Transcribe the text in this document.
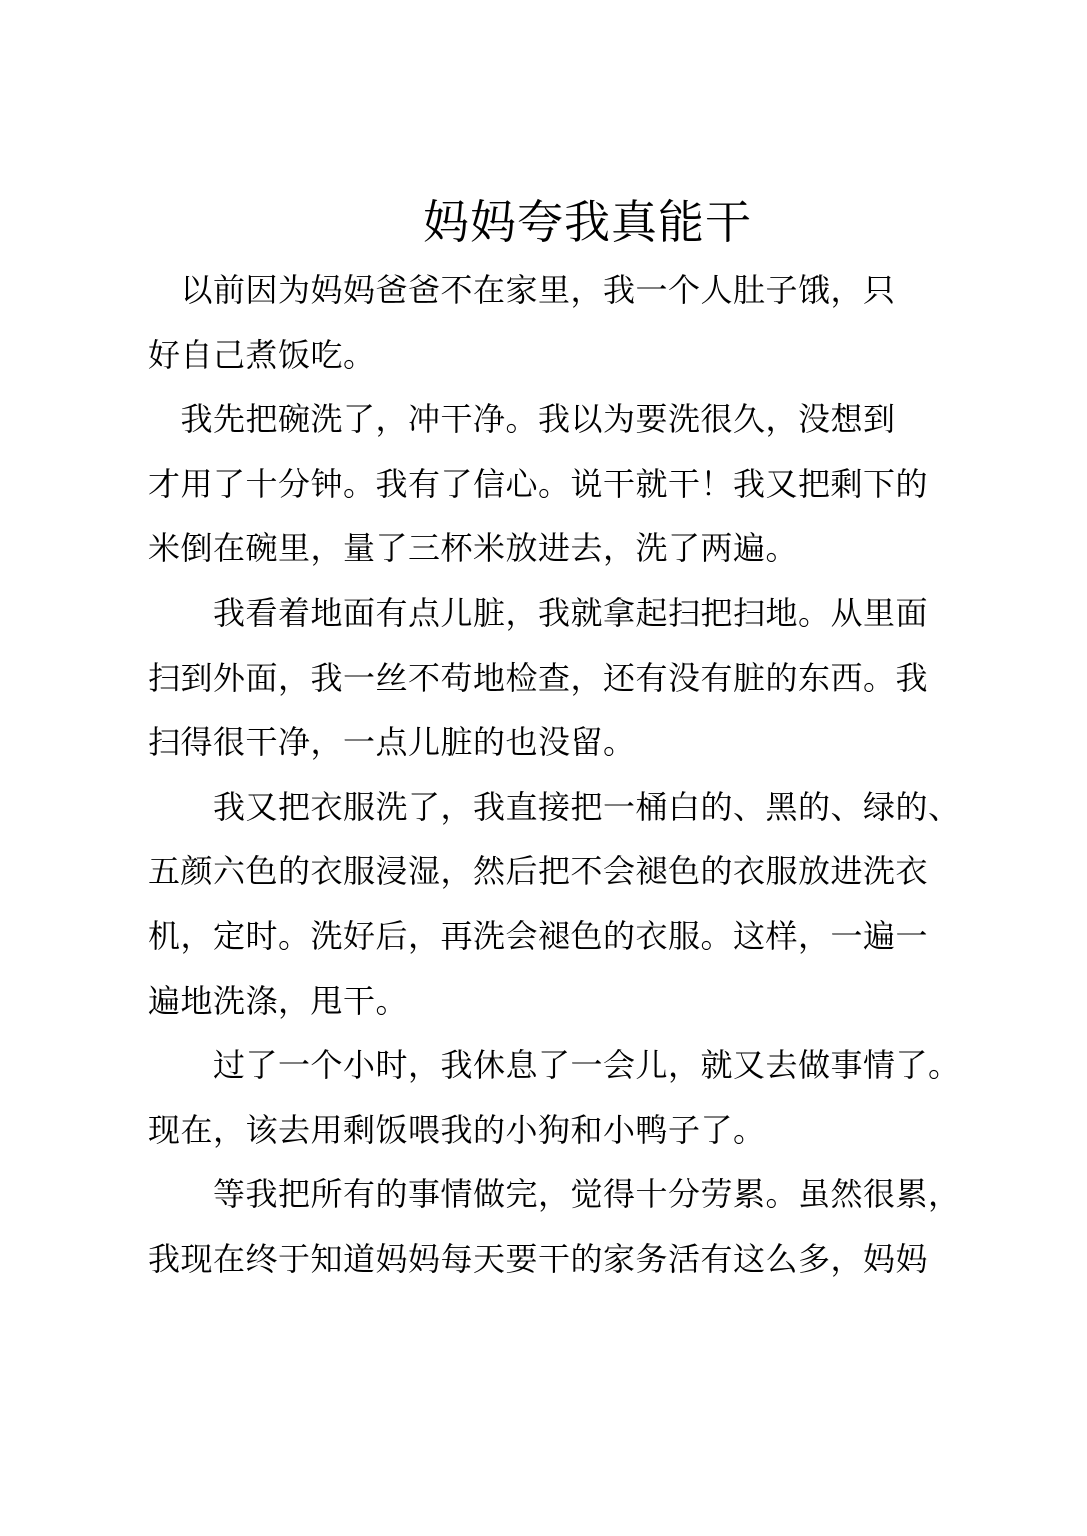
妈妈夸我真能干
　以前因为妈妈爸爸不在家里，我一个人肚子饿，只
好自己煮饭吃。
　我先把碗洗了，冲干净。我以为要洗很久，没想到
才用了十分钟。我有了信心。说干就干！我又把剩下的
米倒在碗里，量了三杯米放进去，洗了两遍。
　　我看着地面有点儿脏，我就拿起扫把扫地。从里面
扫到外面，我一丝不苟地检查，还有没有脏的东西。我
扫得很干净，一点儿脏的也没留。
　　我又把衣服洗了，我直接把一桶白的、黑的、绿的、
五颜六色的衣服浸湿，然后把不会褪色的衣服放进洗衣
机，定时。洗好后，再洗会褪色的衣服。这样，一遍一
遍地洗涤，甩干。
　　过了一个小时，我休息了一会儿，就又去做事情了。
现在，该去用剩饭喂我的小狗和小鸭子了。
　　等我把所有的事情做完，觉得十分劳累。虽然很累，
我现在终于知道妈妈每天要干的家务活有这么多，妈妈
